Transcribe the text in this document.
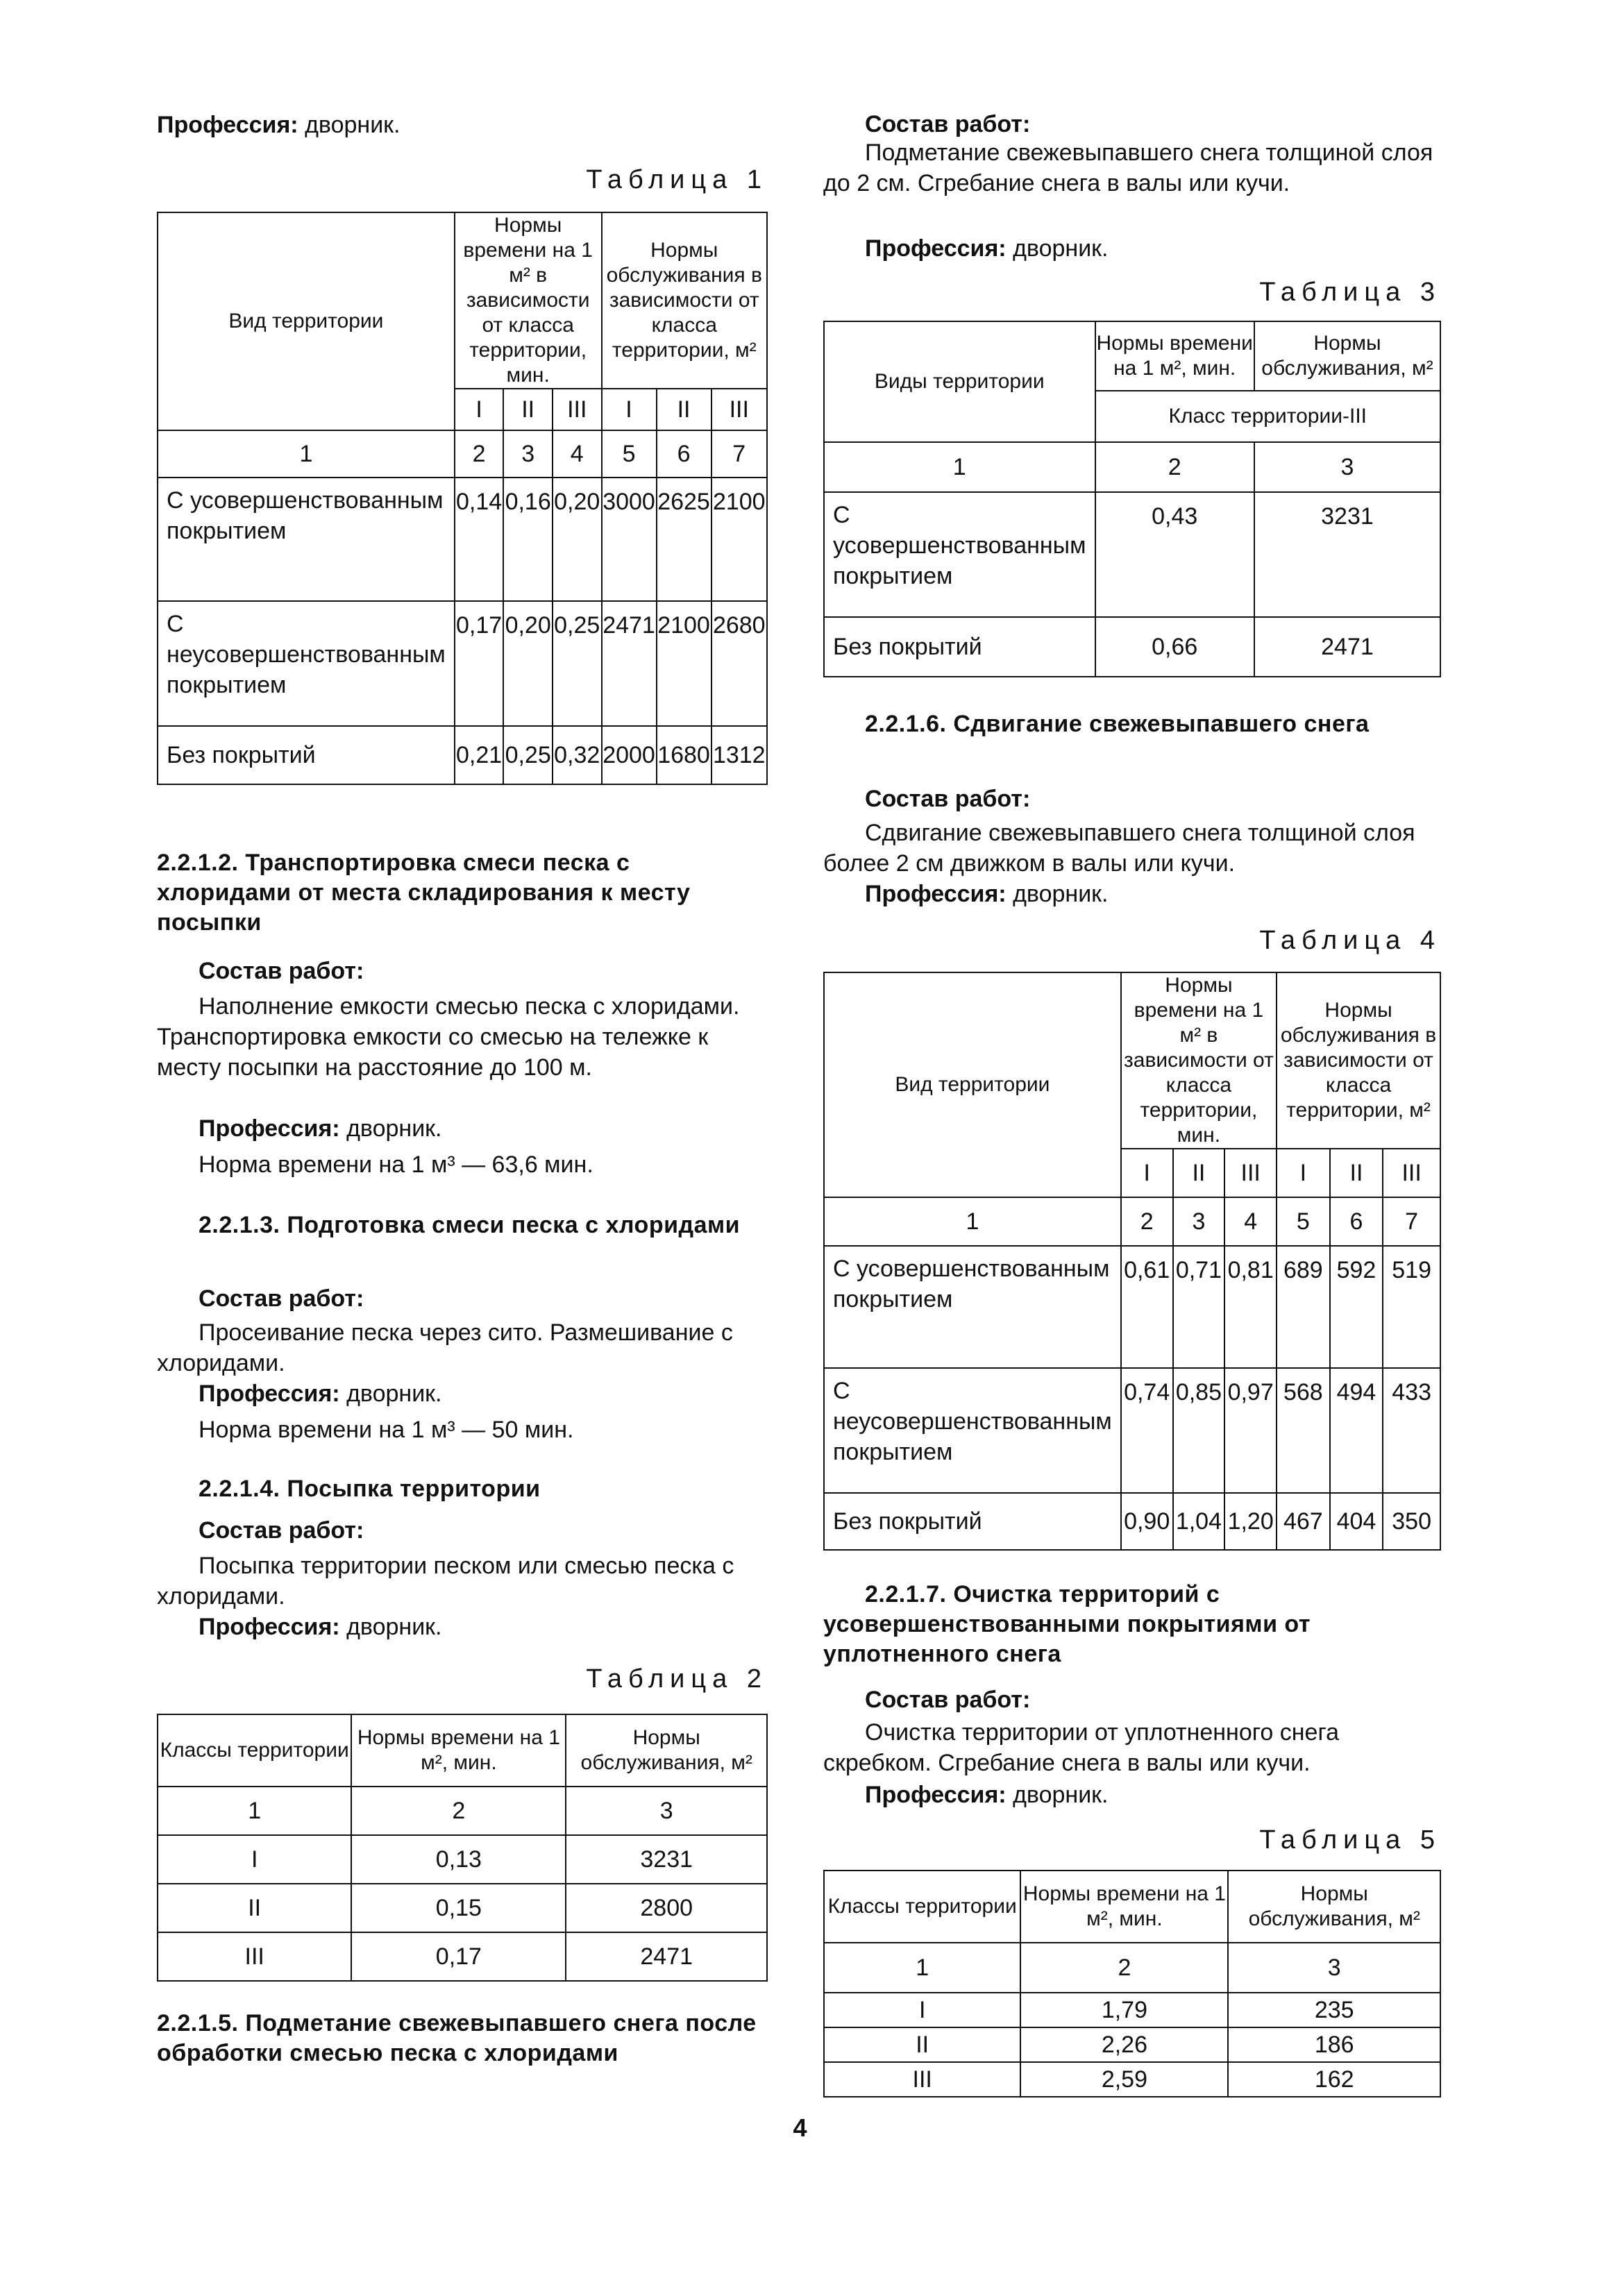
Профессия: дворник.

Таблица 1
Вид территории	Нормы времени на 1 м² в зависимости от класса территории, мин.			Нормы обслуживания в зависимости от класса территории, м²		
	I	II	III	I	II	III
1	2	3	4	5	6	7
С усовершенствованным покрытием	0,14	0,16	0,20	3000	2625	2100
С неусовершенствованным покрытием	0,17	0,20	0,25	2471	2100	2680
Без покрытий	0,21	0,25	0,32	2000	1680	1312

2.2.1.2. Транспортировка смеси песка с хлоридами от места складирования к месту посыпки

Состав работ:

Наполнение емкости смесью песка с хлоридами. Транспортировка емкости со смесью на тележке к месту посыпки на расстояние до 100 м.

Профессия: дворник.

Норма времени на 1 м³ — 63,6 мин.

2.2.1.3. Подготовка смеси песка с хлоридами

Состав работ:

Просеивание песка через сито. Размешивание с хлоридами.

Профессия: дворник.

Норма времени на 1 м³ — 50 мин.

2.2.1.4. Посыпка территории

Состав работ:

Посыпка территории песком или смесью песка с хлоридами.

Профессия: дворник.

Таблица 2
Классы территории	Нормы времени на 1 м², мин.	Нормы обслуживания, м²
1	2	3
I	0,13	3231
II	0,15	2800
III	0,17	2471

2.2.1.5. Подметание свежевыпавшего снега после обработки смесью песка с хлоридами

Состав работ:

Подметание свежевыпавшего снега толщиной слоя до 2 см. Сгребание снега в валы или кучи.

Профессия: дворник.

Таблица 3
Виды территории	Нормы времени на 1 м², мин.	Нормы обслуживания, м²
	Класс территории-III	
1	2	3
С усовершенствованным покрытием	0,43	3231
Без покрытий	0,66	2471

2.2.1.6. Сдвигание свежевыпавшего снега

Состав работ:

Сдвигание свежевыпавшего снега толщиной слоя более 2 см движком в валы или кучи.

Профессия: дворник.

Таблица 4
Вид территории	Нормы времени на 1 м² в зависимости от класса территории, мин.			Нормы обслуживания в зависимости от класса территории, м²		
	I	II	III	I	II	III
1	2	3	4	5	6	7
С усовершенствованным покрытием	0,61	0,71	0,81	689	592	519
С неусовершенствованным покрытием	0,74	0,85	0,97	568	494	433
Без покрытий	0,90	1,04	1,20	467	404	350

2.2.1.7. Очистка территорий с усовершенствованными покрытиями от уплотненного снега

Состав работ:

Очистка территории от уплотненного снега скребком. Сгребание снега в валы или кучи.

Профессия: дворник.

Таблица 5
Классы территории	Нормы времени на 1 м², мин.	Нормы обслуживания, м²
1	2	3
I	1,79	235
II	2,26	186
III	2,59	162
4
